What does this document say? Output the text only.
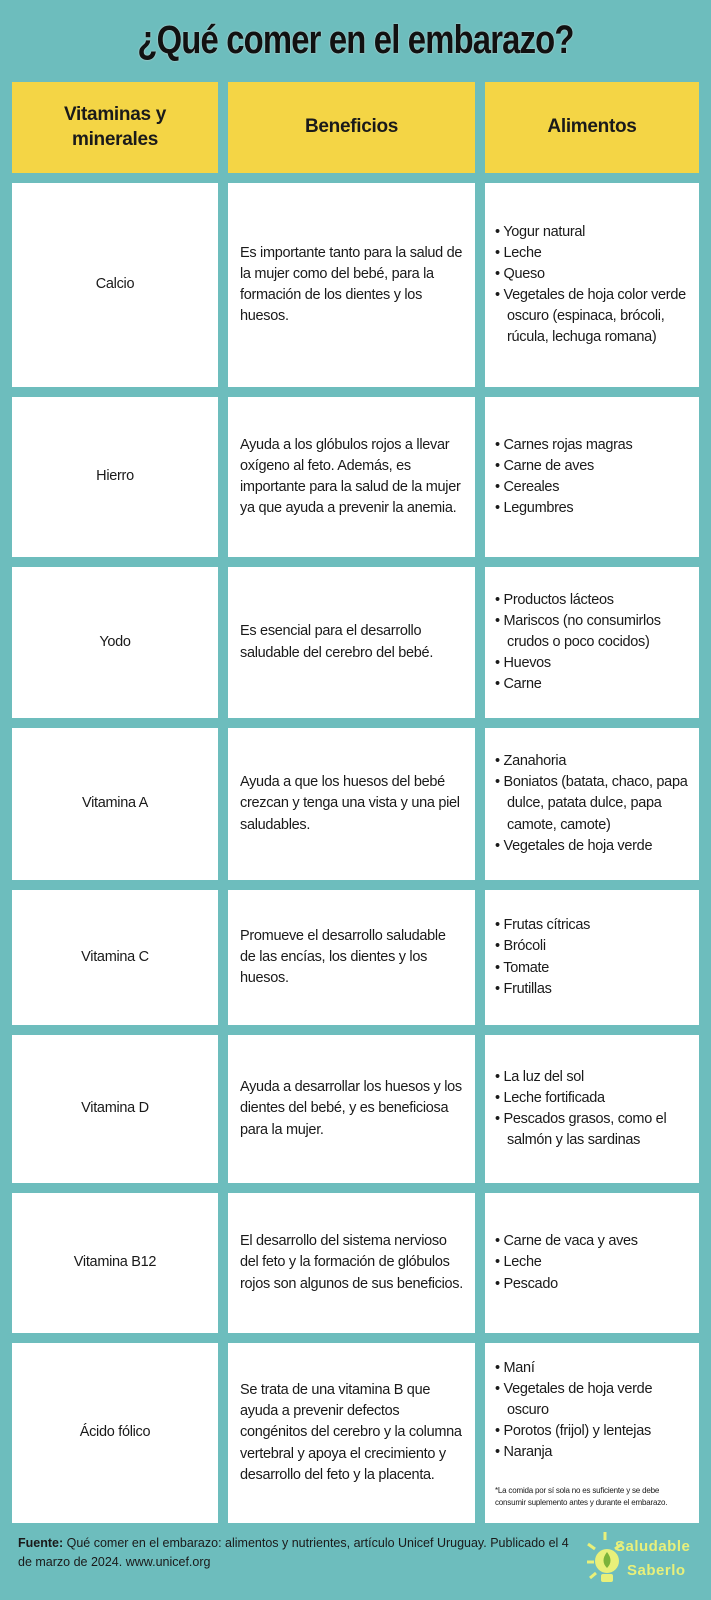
¿Qué comer en el embarazo?
Vitaminas y minerales
Beneficios	Alimentos
Calcio
Es importante tanto para la salud de la mujer como del bebé, para la formación de los dientes y los huesos.
• Yogur natural
• Leche
• Queso
• Vegetales de hoja color verde oscuro (espinaca, brócoli, rúcula, lechuga romana)
Hierro
Ayuda a los glóbulos rojos a llevar oxígeno al feto. Además, es importante para la salud de la mujer ya que ayuda a prevenir la anemia.
• Carnes rojas magras
• Carne de aves
• Cereales
• Legumbres
Yodo
Es esencial para el desarrollo saludable del cerebro del bebé.
• Productos lácteos
• Mariscos (no consumirlos crudos o poco cocidos)
• Huevos
• Carne
Vitamina A
Ayuda a que los huesos del bebé crezcan y tenga una vista y una piel saludables.
• Zanahoria
• Boniatos (batata, chaco, papa dulce, patata dulce, papa camote, camote)
• Vegetales de hoja verde
Vitamina C
Promueve el desarrollo saludable de las encías, los dientes y los huesos.
• Frutas cítricas
• Brócoli
• Tomate
• Frutillas
Vitamina D
Ayuda a desarrollar los huesos y los dientes del bebé, y es beneficiosa para la mujer.
• La luz del sol
• Leche fortificada
• Pescados grasos, como el salmón y las sardinas
Vitamina B12
El desarrollo del sistema nervioso del feto y la formación de glóbulos rojos son algunos de sus beneficios.
• Carne de vaca y aves
• Leche
• Pescado
Ácido fólico
Se trata de una vitamina B que ayuda a prevenir defectos congénitos del cerebro y la columna vertebral y apoya el crecimiento y desarrollo del feto y la placenta.
• Maní
• Vegetales de hoja verde oscuro
• Porotos (frijol) y lentejas
• Naranja
*La comida por sí sola no es suficiente y se debe consumir suplemento antes y durante el embarazo.
Fuente: Qué comer en el embarazo: alimentos y nutrientes, artículo Unicef Uruguay. Publicado el 4 de marzo de 2024. www.unicef.org
Saludable
Saberlo
